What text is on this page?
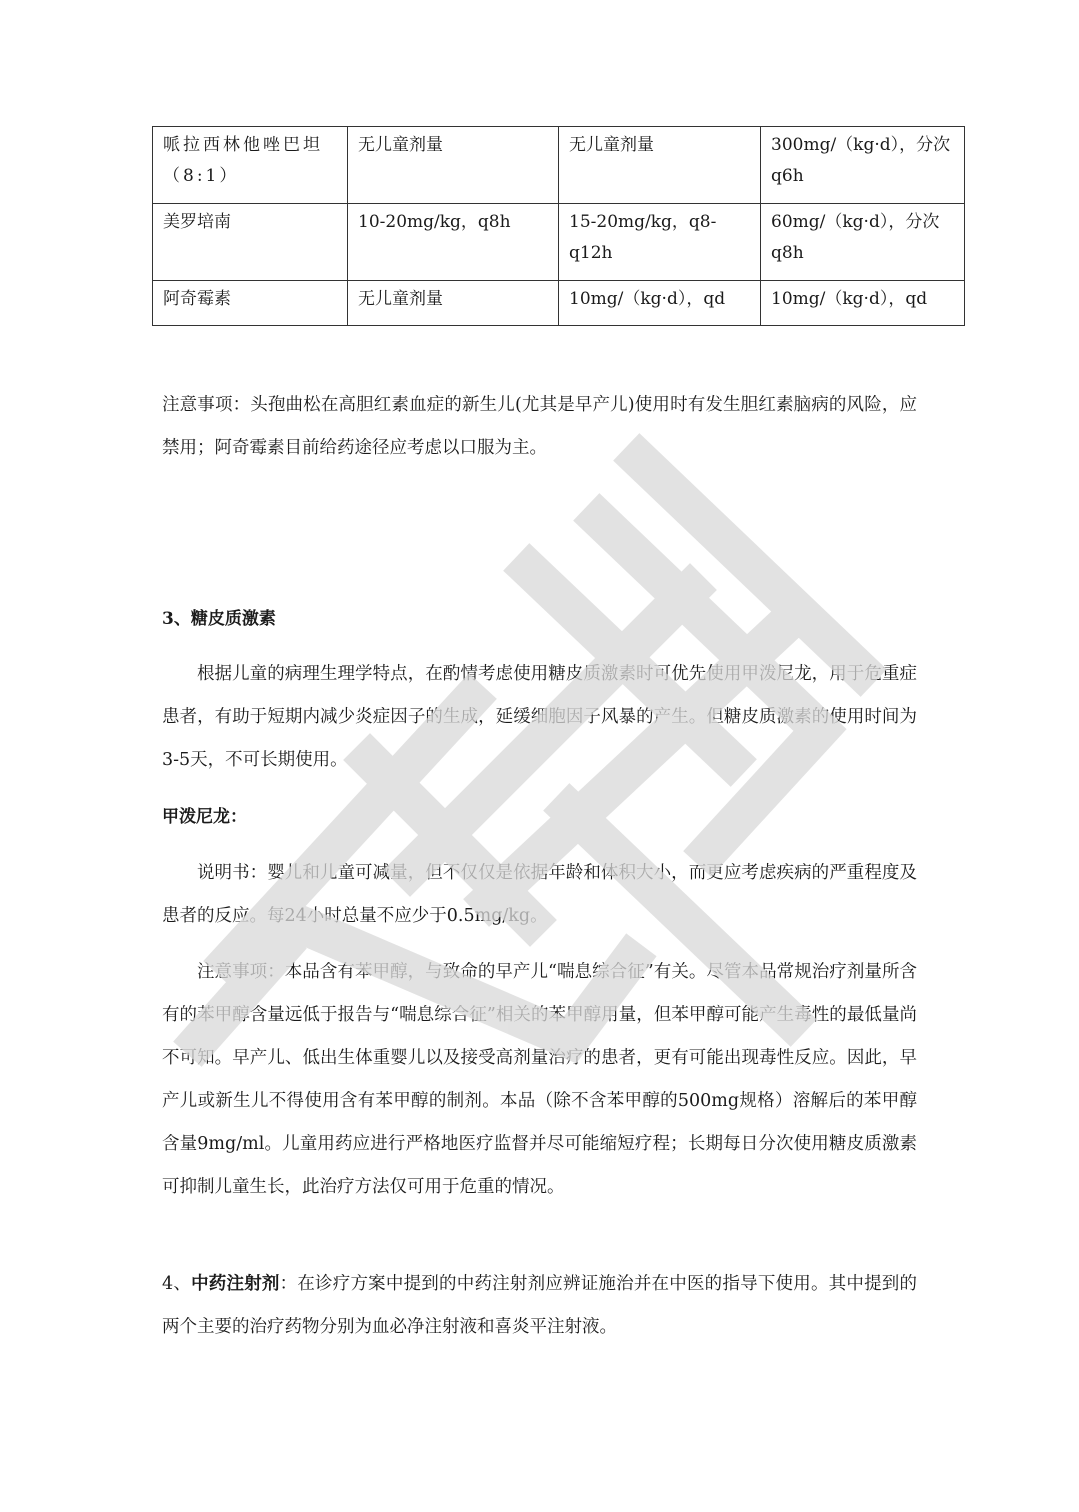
哌拉西林他唑巴坦（8:1）	无儿童剂量	无儿童剂量	300mg/（kg·d），分次q6h
美罗培南	10-20mg/kg，q8h	15-20mg/kg，q8-q12h	60mg/（kg·d），分次q8h
阿奇霉素	无儿童剂量	10mg/（kg·d），qd	10mg/（kg·d），qd

注意事项：头孢曲松在高胆红素血症的新生儿(尤其是早产儿)使用时有发生胆红素脑病的风险，应禁用；阿奇霉素目前给药途径应考虑以口服为主。

3、糖皮质激素

根据儿童的病理生理学特点，在酌情考虑使用糖皮质激素时可优先使用甲泼尼龙，用于危重症患者，有助于短期内减少炎症因子的生成，延缓细胞因子风暴的产生。但糖皮质激素的使用时间为3-5天，不可长期使用。

甲泼尼龙：

说明书：婴儿和儿童可减量，但不仅仅是依据年龄和体积大小，而更应考虑疾病的严重程度及患者的反应。每24小时总量不应少于0.5mg/kg。

注意事项：本品含有苯甲醇，与致命的早产儿“喘息综合征”有关。尽管本品常规治疗剂量所含有的苯甲醇含量远低于报告与“喘息综合征”相关的苯甲醇用量，但苯甲醇可能产生毒性的最低量尚不可知。早产儿、低出生体重婴儿以及接受高剂量治疗的患者，更有可能出现毒性反应。因此，早产儿或新生儿不得使用含有苯甲醇的制剂。本品（除不含苯甲醇的500mg规格）溶解后的苯甲醇含量9mg/ml。儿童用药应进行严格地医疗监督并尽可能缩短疗程；长期每日分次使用糖皮质激素可抑制儿童生长，此治疗方法仅可用于危重的情况。

4、中药注射剂：在诊疗方案中提到的中药注射剂应辨证施治并在中医的指导下使用。其中提到的两个主要的治疗药物分别为血必净注射液和喜炎平注射液。
